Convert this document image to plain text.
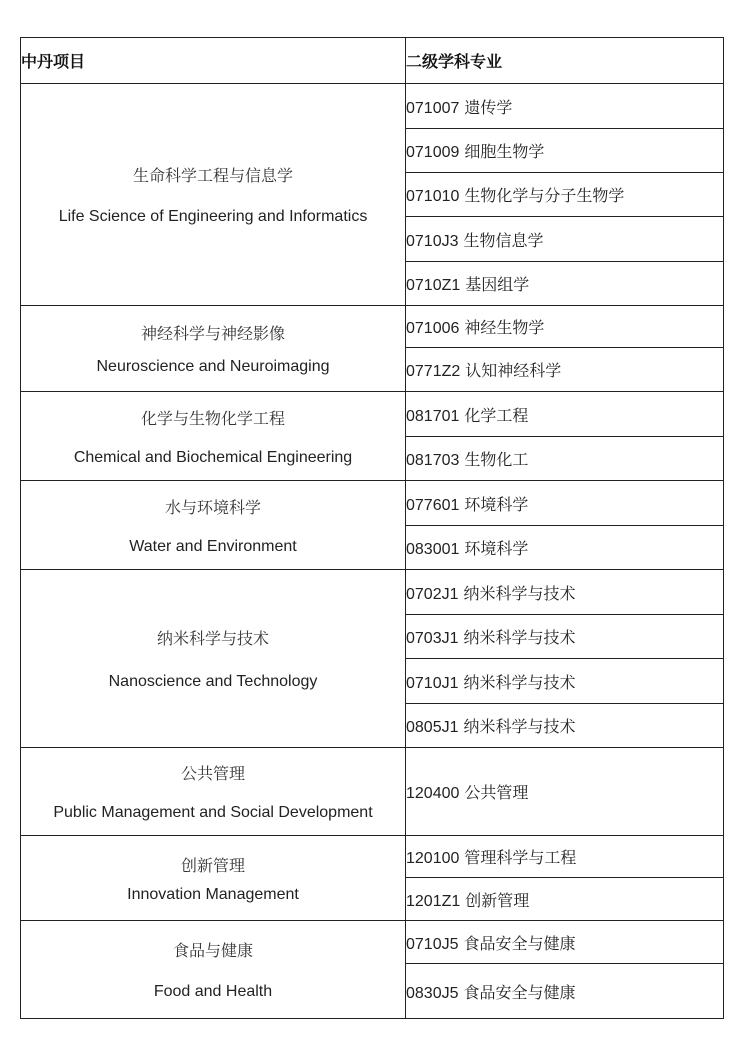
中丹项目	二级学科专业

生命科学工程与信息学
Life Science of Engineering and Informatics	071007 遗传学
	071009 细胞生物学
	071010 生物化学与分子生物学
	0710J3 生物信息学
	0710Z1 基因组学

神经科学与神经影像
Neuroscience and Neuroimaging	071006 神经生物学
	0771Z2 认知神经科学

化学与生物化学工程
Chemical and Biochemical Engineering	081701 化学工程
	081703 生物化工

水与环境科学
Water and Environment	077601 环境科学
	083001 环境科学

纳米科学与技术
Nanoscience and Technology	0702J1 纳米科学与技术
	0703J1 纳米科学与技术
	0710J1 纳米科学与技术
	0805J1 纳米科学与技术

公共管理
Public Management and Social Development	120400 公共管理

创新管理
Innovation Management	120100 管理科学与工程
	1201Z1 创新管理

食品与健康
Food and Health	0710J5 食品安全与健康
	0830J5 食品安全与健康
